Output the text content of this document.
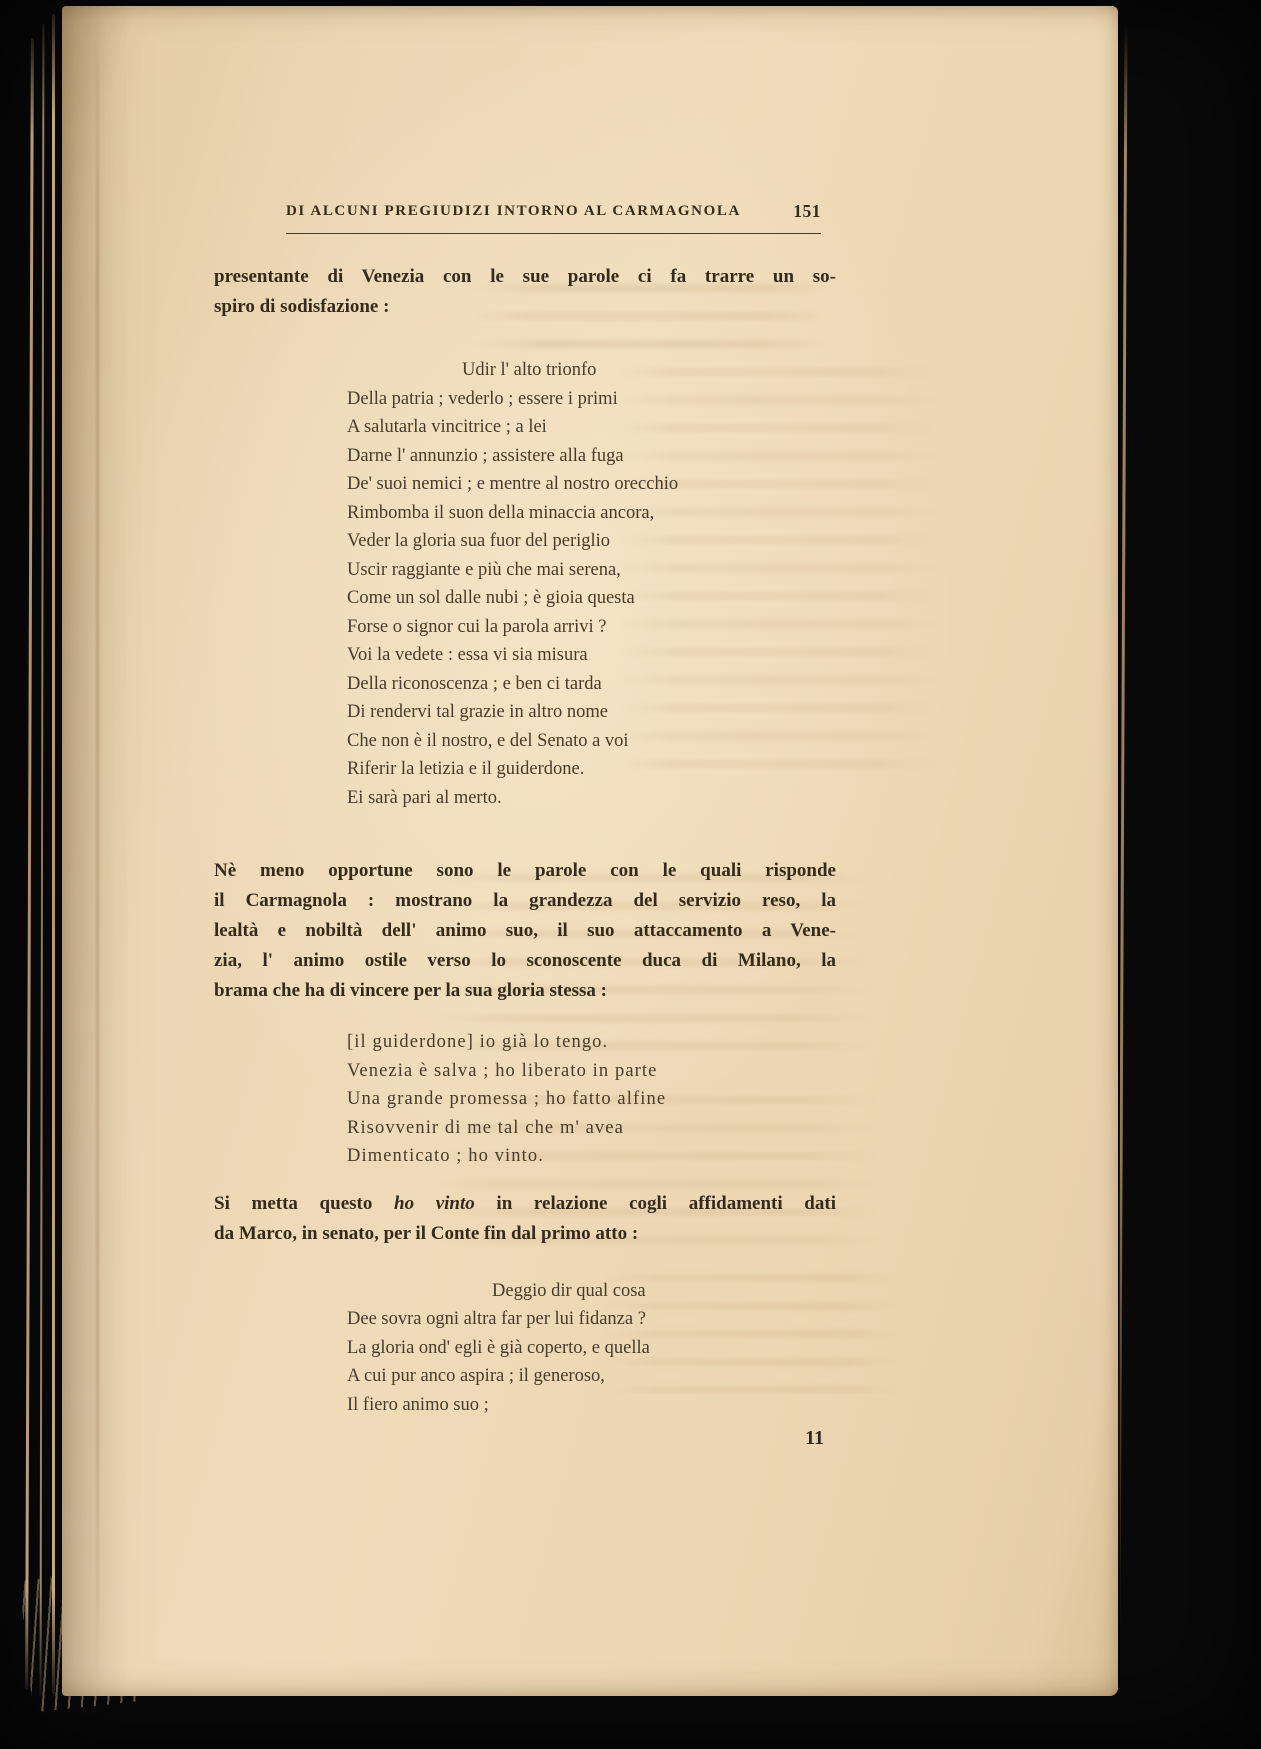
DI ALCUNI PREGIUDIZI INTORNO AL CARMAGNOLA	151
presentante di Venezia con le sue parole ci fa trarre un so-
spiro di sodisfazione :
Udir l' alto trionfo
Della patria ; vederlo ; essere i primi
A salutarla vincitrice ; a lei
Darne l' annunzio ; assistere alla fuga
De' suoi nemici ; e mentre al nostro orecchio
Rimbomba il suon della minaccia ancora,
Veder la gloria sua fuor del periglio
Uscir raggiante e più che mai serena,
Come un sol dalle nubi ; è gioia questa
Forse o signor cui la parola arrivi ?
Voi la vedete : essa vi sia misura
Della riconoscenza ; e ben ci tarda
Di rendervi tal grazie in altro nome
Che non è il nostro, e del Senato a voi
Riferir la letizia e il guiderdone.
Ei sarà pari al merto.
Nè meno opportune sono le parole con le quali risponde
il Carmagnola : mostrano la grandezza del servizio reso, la
lealtà e nobiltà dell' animo suo, il suo attaccamento a Vene-
zia, l' animo ostile verso lo sconoscente duca di Milano, la
brama che ha di vincere per la sua gloria stessa :
[il guiderdone] io già lo tengo.
Venezia è salva ; ho liberato in parte
Una grande promessa ; ho fatto alfine
Risovvenir di me tal che m' avea
Dimenticato ; ho vinto.
Si metta questo ho vinto in relazione cogli affidamenti dati
da Marco, in senato, per il Conte fin dal primo atto :
Deggio dir qual cosa
Dee sovra ogni altra far per lui fidanza ?
La gloria ond' egli è già coperto, e quella
A cui pur anco aspira ; il generoso,
Il fiero animo suo ;
11
